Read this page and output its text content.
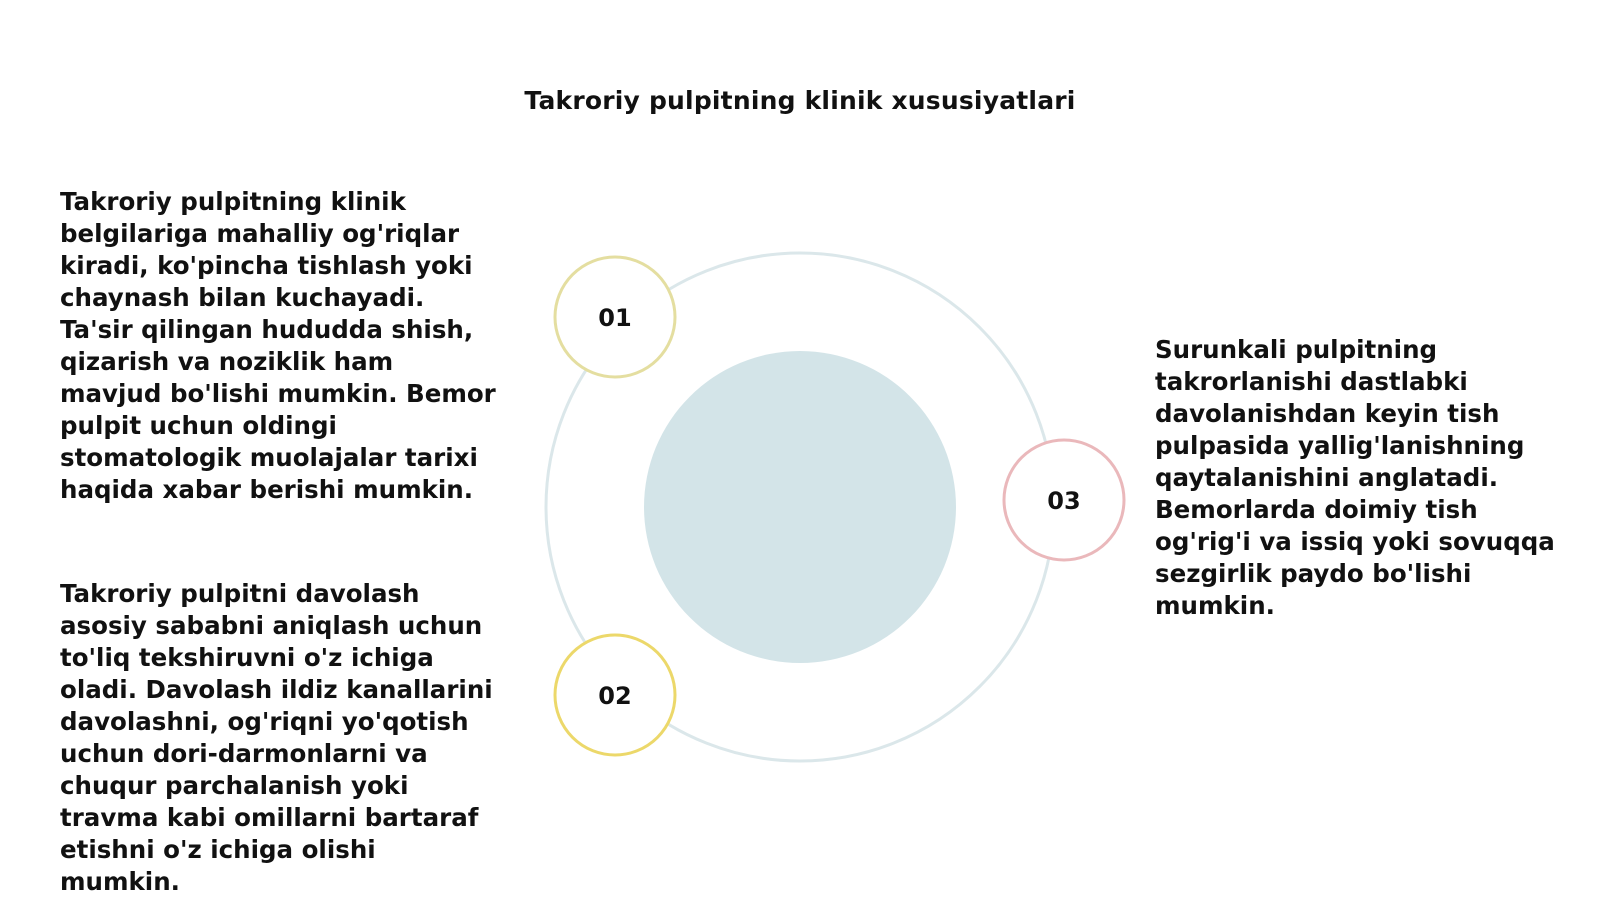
Takroriy pulpitning klinik xususiyatlari
01
02
03

Takroriy pulpitning klinik belgilariga mahalliy og'riqlar kiradi, ko'pincha tishlash yoki chaynash bilan kuchayadi. Ta'sir qilingan hududda shish, qizarish va noziklik ham mavjud bo'lishi mumkin. Bemor pulpit uchun oldingi stomatologik muolajalar tarixi haqida xabar berishi mumkin.

Takroriy pulpitni davolash asosiy sababni aniqlash uchun to'liq tekshiruvni o'z ichiga oladi. Davolash ildiz kanallarini davolashni, og'riqni yo'qotish uchun dori-darmonlarni va chuqur parchalanish yoki travma kabi omillarni bartaraf etishni o'z ichiga olishi mumkin.

Surunkali pulpitning takrorlanishi dastlabki davolanishdan keyin tish pulpasida yallig'lanishning qaytalanishini anglatadi. Bemorlarda doimiy tish og'rig'i va issiq yoki sovuqqa sezgirlik paydo bo'lishi mumkin.
